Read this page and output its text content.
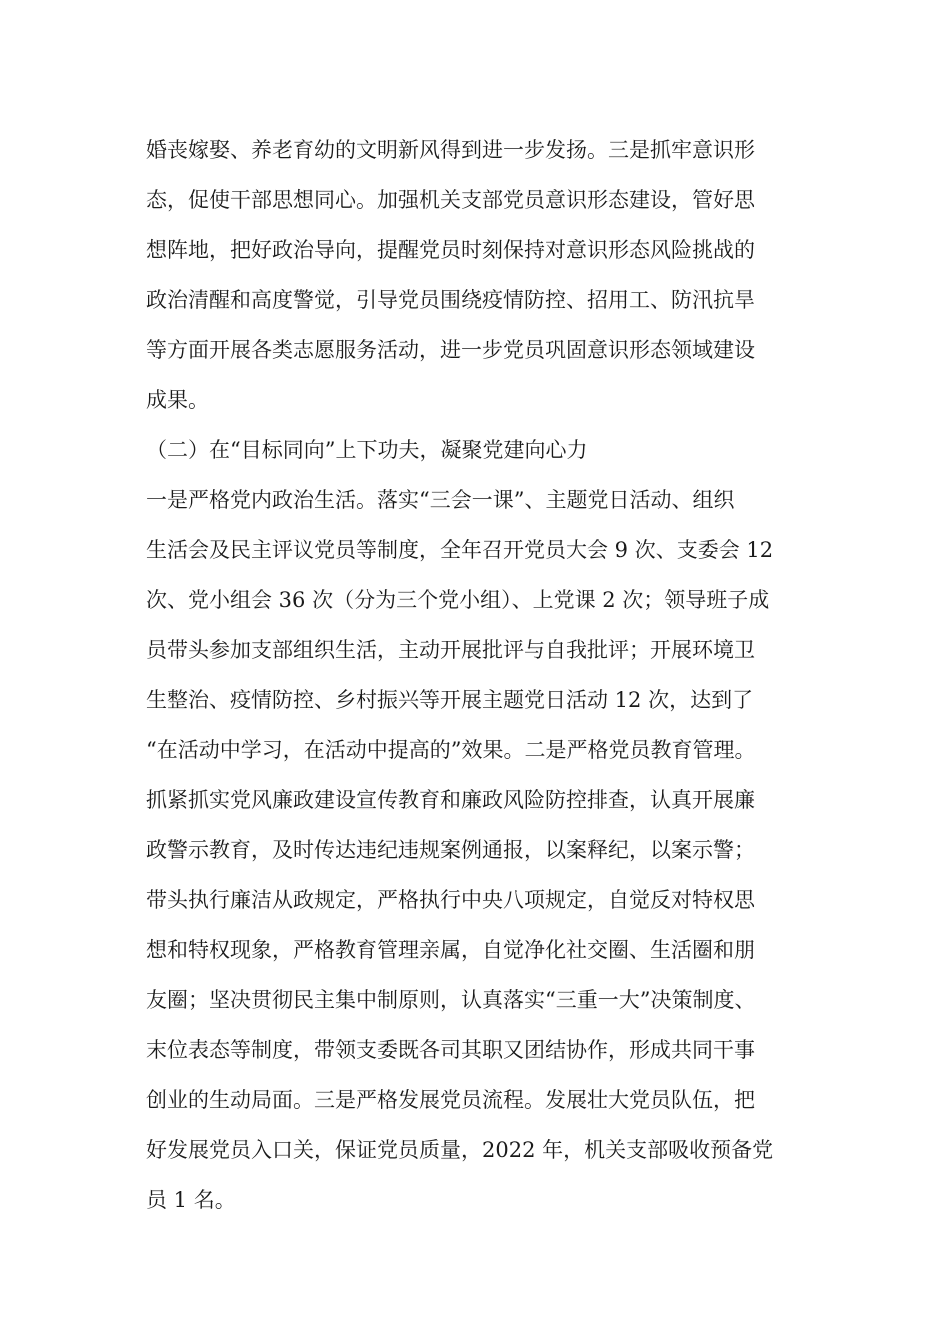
婚丧嫁娶、养老育幼的文明新风得到进一步发扬。三是抓牢意识形
态，促使干部思想同心。加强机关支部党员意识形态建设，管好思
想阵地，把好政治导向，提醒党员时刻保持对意识形态风险挑战的
政治清醒和高度警觉，引导党员围绕疫情防控、招用工、防汛抗旱
等方面开展各类志愿服务活动，进一步党员巩固意识形态领域建设
成果。
（二）在“目标同向”上下功夫，凝聚党建向心力
一是严格党内政治生活。落实“三会一课”、主题党日活动、组织
生活会及民主评议党员等制度，全年召开党员大会 9 次、支委会 12
次、党小组会 36 次（分为三个党小组）、上党课 2 次；领导班子成
员带头参加支部组织生活，主动开展批评与自我批评；开展环境卫
生整治、疫情防控、乡村振兴等开展主题党日活动 12 次，达到了
“在活动中学习，在活动中提高的”效果。二是严格党员教育管理。
抓紧抓实党风廉政建设宣传教育和廉政风险防控排查，认真开展廉
政警示教育，及时传达违纪违规案例通报，以案释纪，以案示警；
带头执行廉洁从政规定，严格执行中央八项规定，自觉反对特权思
想和特权现象，严格教育管理亲属，自觉净化社交圈、生活圈和朋
友圈；坚决贯彻民主集中制原则，认真落实“三重一大”决策制度、
末位表态等制度，带领支委既各司其职又团结协作，形成共同干事
创业的生动局面。三是严格发展党员流程。发展壮大党员队伍，把
好发展党员入口关，保证党员质量，2022 年，机关支部吸收预备党
员 1 名。
